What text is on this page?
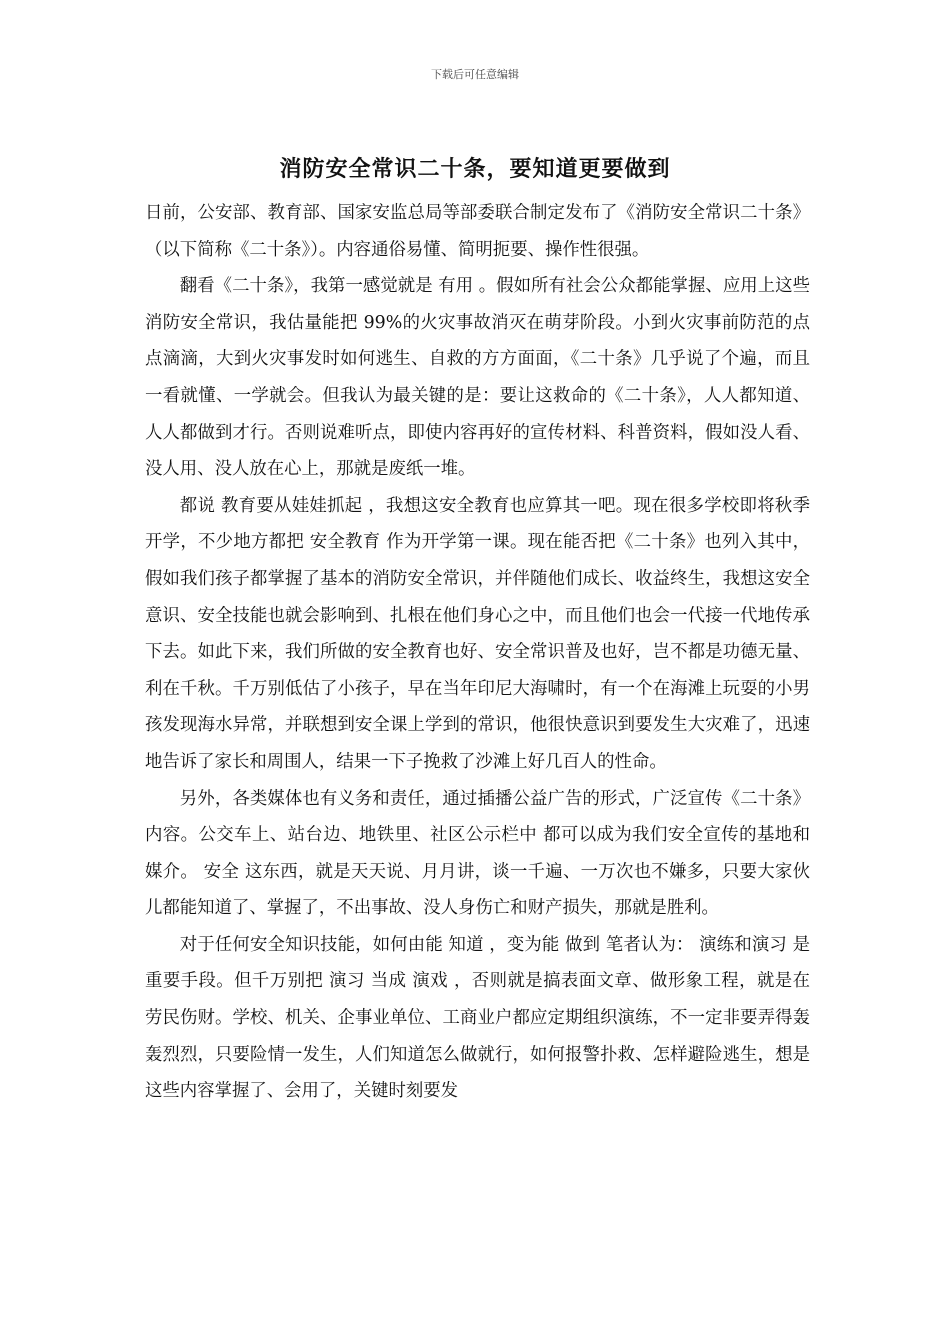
下载后可任意编辑
消防安全常识二十条，要知道更要做到

日前，公安部、教育部、国家安监总局等部委联合制定发布了《消防安全常识二十条》（以下简称《二十条》）。内容通俗易懂、简明扼要、操作性很强。

翻看《二十条》，我第一感觉就是 有用 。假如所有社会公众都能掌握、应用上这些消防安全常识，我估量能把 99%的火灾事故消灭在萌芽阶段。小到火灾事前防范的点点滴滴，大到火灾事发时如何逃生、自救的方方面面，《二十条》几乎说了个遍，而且一看就懂、一学就会。但我认为最关键的是：要让这救命的《二十条》，人人都知道、人人都做到才行。否则说难听点，即使内容再好的宣传材料、科普资料，假如没人看、没人用、没人放在心上，那就是废纸一堆。

都说 教育要从娃娃抓起 ，我想这安全教育也应算其一吧。现在很多学校即将秋季开学，不少地方都把 安全教育 作为开学第一课。现在能否把《二十条》也列入其中，假如我们孩子都掌握了基本的消防安全常识，并伴随他们成长、收益终生，我想这安全意识、安全技能也就会影响到、扎根在他们身心之中，而且他们也会一代接一代地传承下去。如此下来，我们所做的安全教育也好、安全常识普及也好，岂不都是功德无量、利在千秋。千万别低估了小孩子，早在当年印尼大海啸时，有一个在海滩上玩耍的小男孩发现海水异常，并联想到安全课上学到的常识，他很快意识到要发生大灾难了，迅速地告诉了家长和周围人，结果一下子挽救了沙滩上好几百人的性命。

另外，各类媒体也有义务和责任，通过插播公益广告的形式，广泛宣传《二十条》内容。公交车上、站台边、地铁里、社区公示栏中 都可以成为我们安全宣传的基地和媒介。 安全 这东西，就是天天说、月月讲，谈一千遍、一万次也不嫌多，只要大家伙儿都能知道了、掌握了，不出事故、没人身伤亡和财产损失，那就是胜利。

对于任何安全知识技能，如何由能 知道 ，变为能 做到 笔者认为： 演练和演习 是重要手段。但千万别把 演习 当成 演戏 ，否则就是搞表面文章、做形象工程，就是在劳民伤财。学校、机关、企事业单位、工商业户都应定期组织演练，不一定非要弄得轰轰烈烈，只要险情一发生，人们知道怎么做就行，如何报警扑救、怎样避险逃生，想是这些内容掌握了、会用了，关键时刻要发
